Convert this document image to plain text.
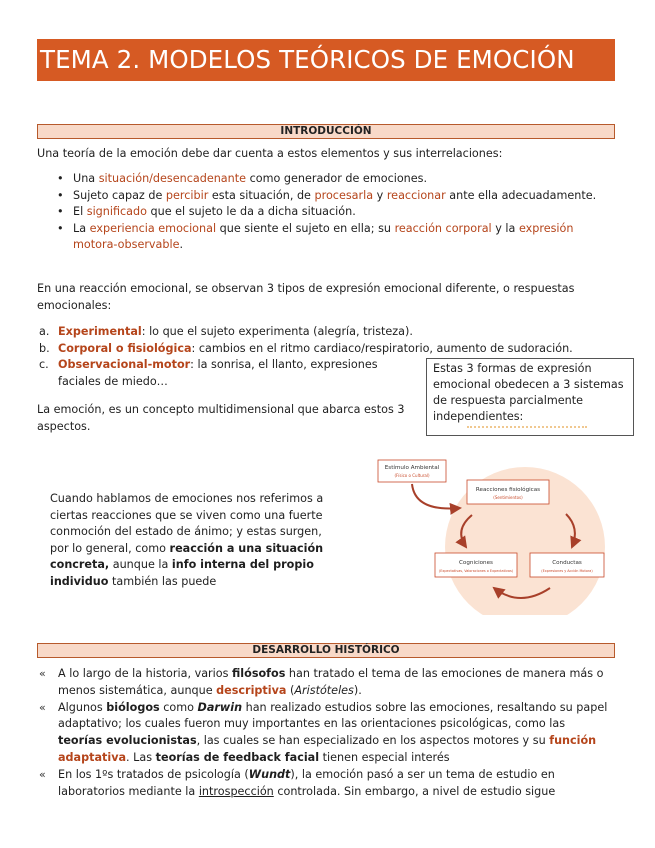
TEMA 2. MODELOS TEÓRICOS DE EMOCIÓN
INTRODUCCIÓN

Una teoría de la emoción debe dar cuenta a estos elementos y sus interrelaciones:

• Una situación/desencadenante como generador de emociones.
• Sujeto capaz de percibir esta situación, de procesarla y reaccionar ante ella adecuadamente.
• El significado que el sujeto le da a dicha situación.
• La experiencia emocional que siente el sujeto en ella; su reacción corporal y la expresión motora-observable.

En una reacción emocional, se observan 3 tipos de expresión emocional diferente, o respuestas emocionales:

a. Experimental: lo que el sujeto experimenta (alegría, tristeza).
b. Corporal o fisiológica: cambios en el ritmo cardiaco/respiratorio, aumento de sudoración.
c. Observacional-motor: la sonrisa, el llanto, expresiones faciales de miedo…
Estas 3 formas de expresión emocional obedecen a 3 sistemas de respuesta parcialmente independientes:

La emoción, es un concepto multidimensional que abarca estos 3 aspectos.

Cuando hablamos de emociones nos referimos a ciertas reacciones que se viven como una fuerte conmoción del estado de ánimo; y estas surgen, por lo general, como reacción a una situación concreta, aunque la info interna del propio individuo también las puede

Estímulo Ambiental
(Físico o Cultural)
Reacciones fisiológicas
(Sentimientos)
Cogniciones
(Expectativas, Valoraciones o Expectativas)
Conductas
(Expresiones y Acción Motora)
DESARROLLO HISTÓRICO
« A lo largo de la historia, varios filósofos han tratado el tema de las emociones de manera más o menos sistemática, aunque descriptiva (Aristóteles).
« Algunos biólogos como Darwin han realizado estudios sobre las emociones, resaltando su papel adaptativo; los cuales fueron muy importantes en las orientaciones psicológicas, como las teorías evolucionistas, las cuales se han especializado en los aspectos motores y su función adaptativa. Las teorías de feedback facial tienen especial interés
« En los 1ºs tratados de psicología (Wundt), la emoción pasó a ser un tema de estudio en laboratorios mediante la introspección controlada. Sin embargo, a nivel de estudio sigue
